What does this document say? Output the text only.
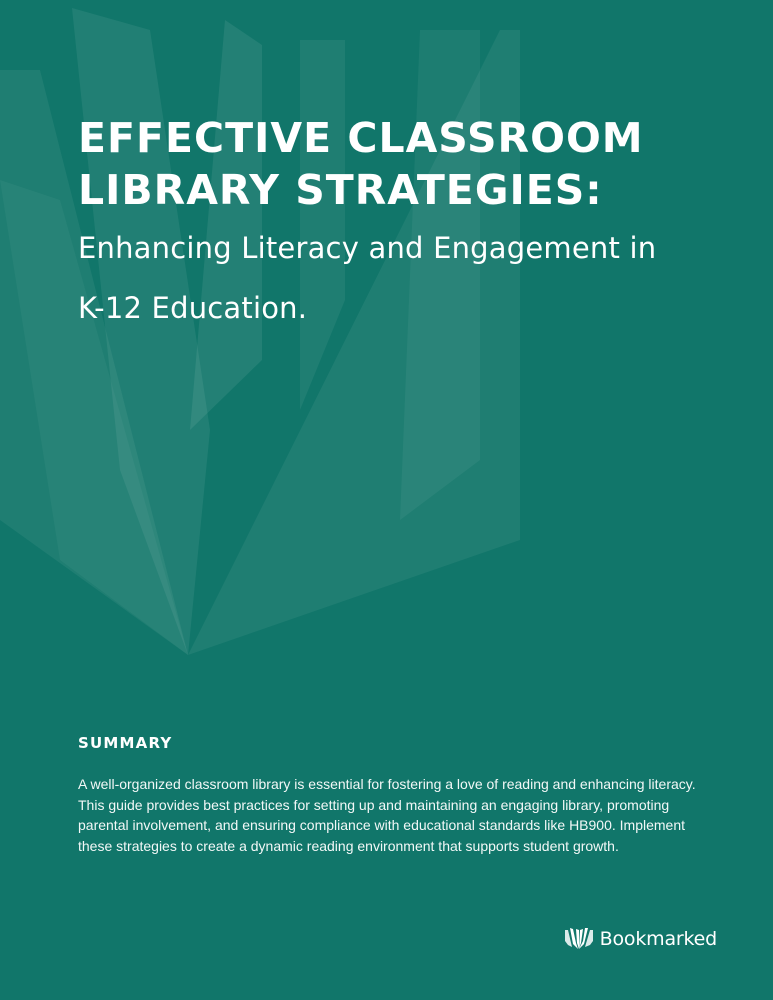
EFFECTIVE CLASSROOM
LIBRARY STRATEGIES:

Enhancing Literacy and Engagement in
K-12 Education.

SUMMARY

A well-organized classroom library is essential for fostering a love of reading and enhancing literacy. This guide provides best practices for setting up and maintaining an engaging library, promoting parental involvement, and ensuring compliance with educational standards like HB900. Implement these strategies to create a dynamic reading environment that supports student growth.

Bookmarked
